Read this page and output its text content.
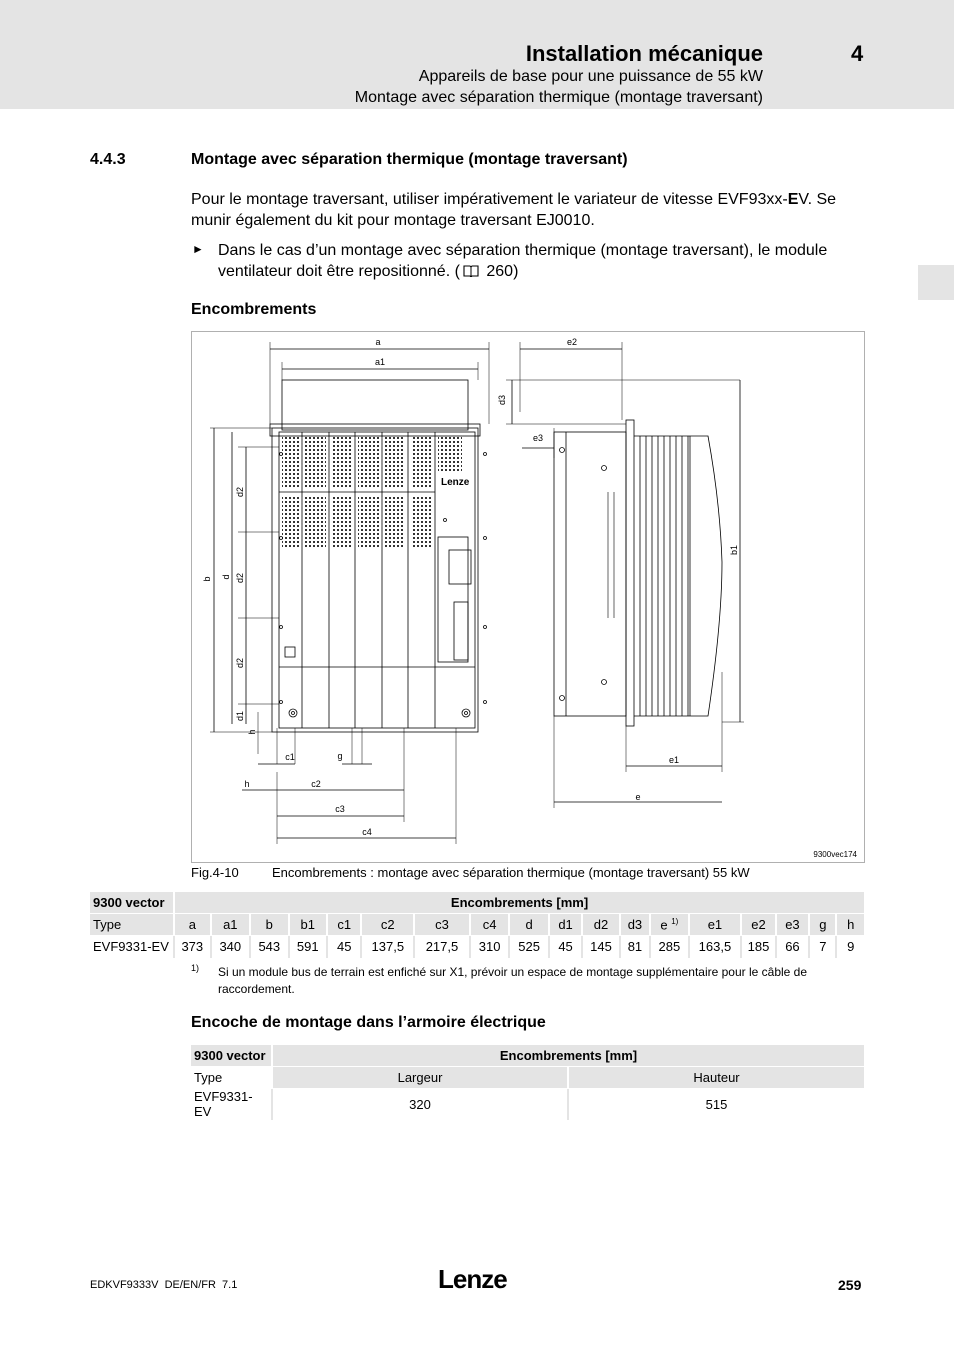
Installation mécanique	4
Appareils de base pour une puissance de 55 kW
Montage avec séparation thermique (montage traversant)
4.4.3	Montage avec séparation thermique (montage traversant)
Pour le montage traversant, utiliser impérativement le variateur de vitesse EVF93xx-EV. Se munir également du kit pour montage traversant EJ0010.
► Dans le cas d’un montage avec séparation thermique (montage traversant), le module ventilateur doit être repositionné. ( 260)
Encombrements
a
a1
b d
d2
d2
d2
d1
h
c1	g
h	c2
c3
c4
e2
d3
e3
b1
e1
e
Lenze
9300vec174
Fig.4-10	Encombrements : montage avec séparation thermique (montage traversant) 55 kW
9300 vector	Encombrements [mm]																	
Type	a	a1	b	b1	c1	c2	c3	c4	d	d1	d2	d3	e $^{1)}$	e1	e2	e3	g	h
EVF9331-EV	373	340	543	591	45	137,5	217,5	310	525	45	145	81	285	163,5	185	66	7	9
1) Si un module bus de terrain est enfiché sur X1, prévoir un espace de montage supplémentaire pour le câble de raccordement.
Encoche de montage dans l’armoire électrique
9300 vector	Encombrements [mm]	
Type	Largeur	Hauteur
EVF9331-EV	320	515
EDKVF9333V  DE/EN/FR  7.1	Lenze	259
